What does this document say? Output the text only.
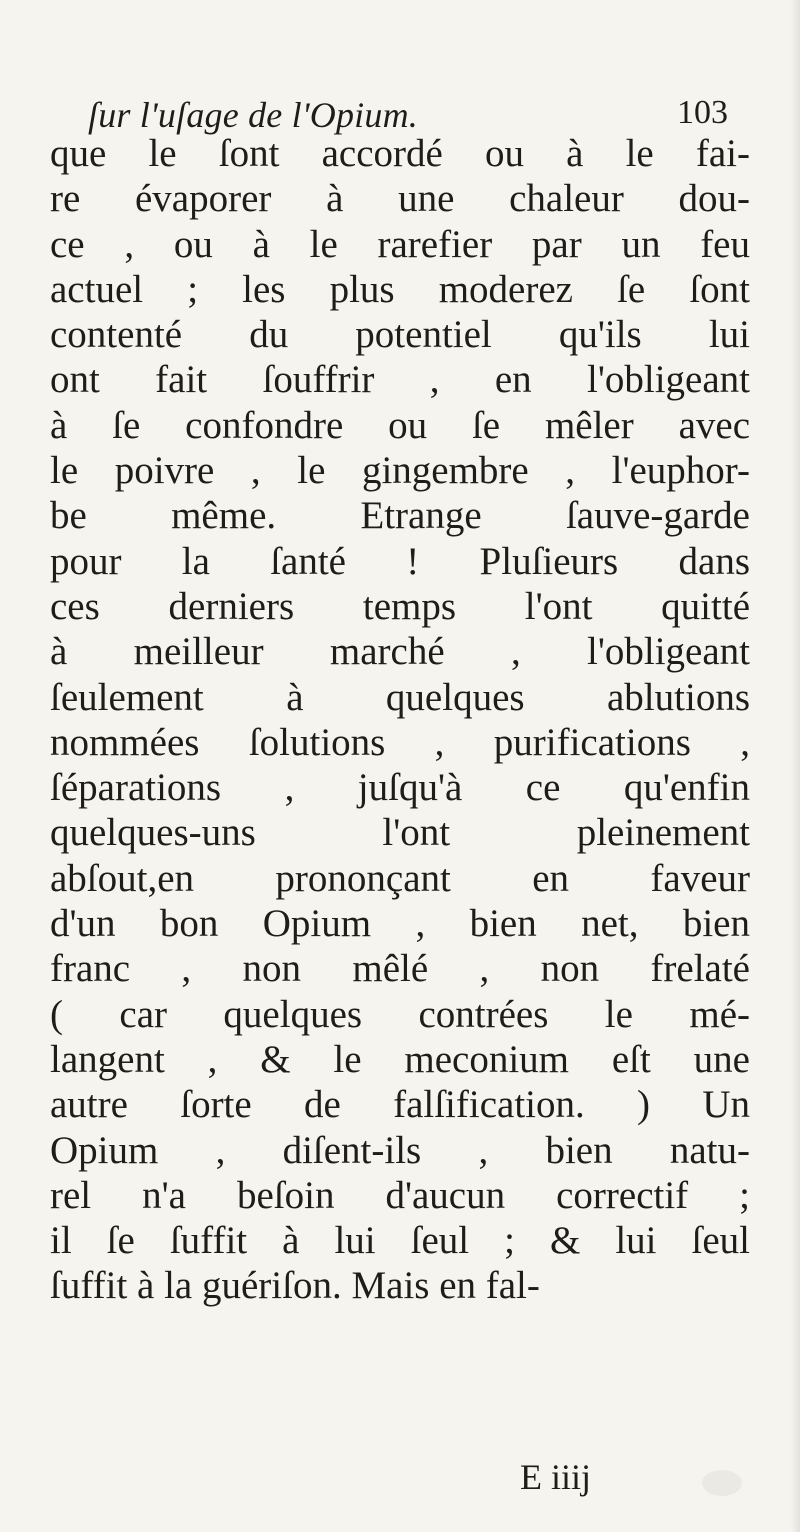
ſur l'uſage de l'Opium.	103
que le ſont accordé ou à le fai-
re évaporer à une chaleur dou-
ce , ou à le rarefier par un feu
actuel ; les plus moderez ſe ſont
contenté du potentiel qu'ils lui
ont fait ſouffrir , en l'obligeant
à ſe confondre ou ſe mêler avec
le poivre , le gingembre , l'euphor-
be même. Etrange ſauve-garde
pour la ſanté ! Pluſieurs dans
ces derniers temps l'ont quitté
à meilleur marché , l'obligeant
ſeulement à quelques ablutions
nommées ſolutions , purifications ,
ſéparations , juſqu'à ce qu'enfin
quelques-uns l'ont pleinement
abſout,en prononçant en faveur
d'un bon Opium , bien net, bien
franc , non mêlé , non frelaté
( car quelques contrées le mé-
langent , & le meconium eſt une
autre ſorte de falſification. ) Un
Opium , diſent-ils , bien natu-
rel n'a beſoin d'aucun correctif ;
il ſe ſuffit à lui ſeul ; & lui ſeul
ſuffit à la guériſon. Mais en fal-
E iiij
